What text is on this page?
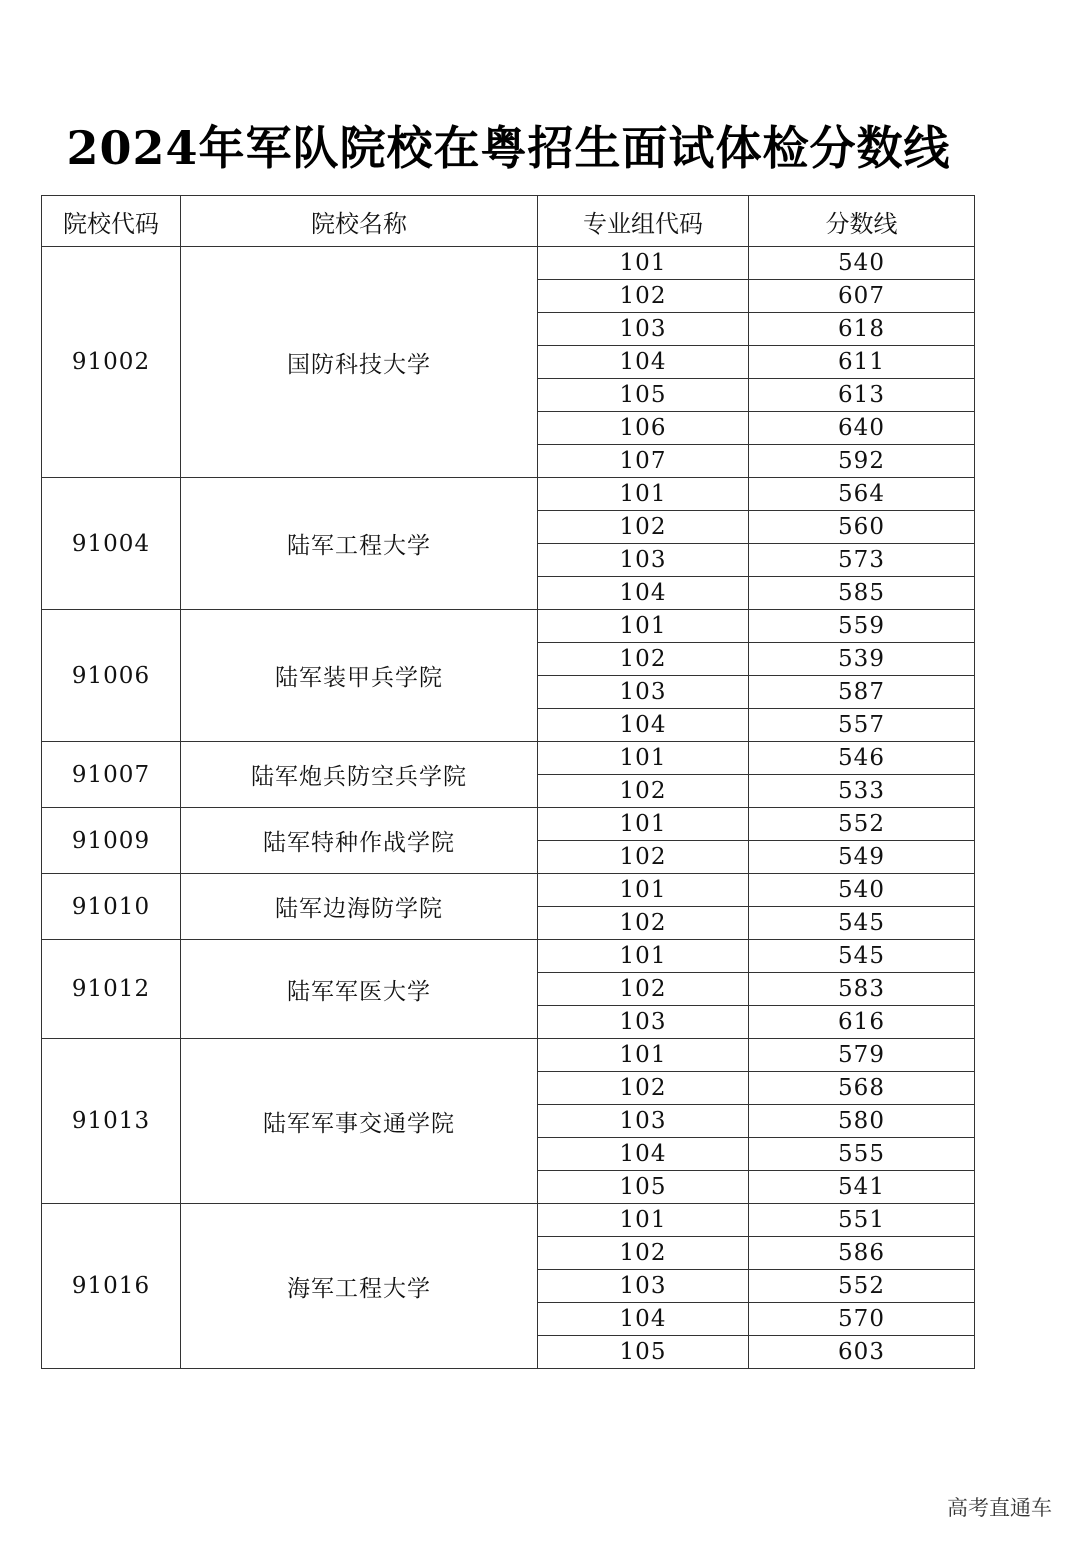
2024年军队院校在粤招生面试体检分数线
院校代码	院校名称	专业组代码	分数线
91002	国防科技大学	101	540
		102	607
		103	618
		104	611
		105	613
		106	640
		107	592
91004	陆军工程大学	101	564
		102	560
		103	573
		104	585
91006	陆军装甲兵学院	101	559
		102	539
		103	587
		104	557
91007	陆军炮兵防空兵学院	101	546
		102	533
91009	陆军特种作战学院	101	552
		102	549
91010	陆军边海防学院	101	540
		102	545
91012	陆军军医大学	101	545
		102	583
		103	616
91013	陆军军事交通学院	101	579
		102	568
		103	580
		104	555
		105	541
91016	海军工程大学	101	551
		102	586
		103	552
		104	570
		105	603
高考直通车
